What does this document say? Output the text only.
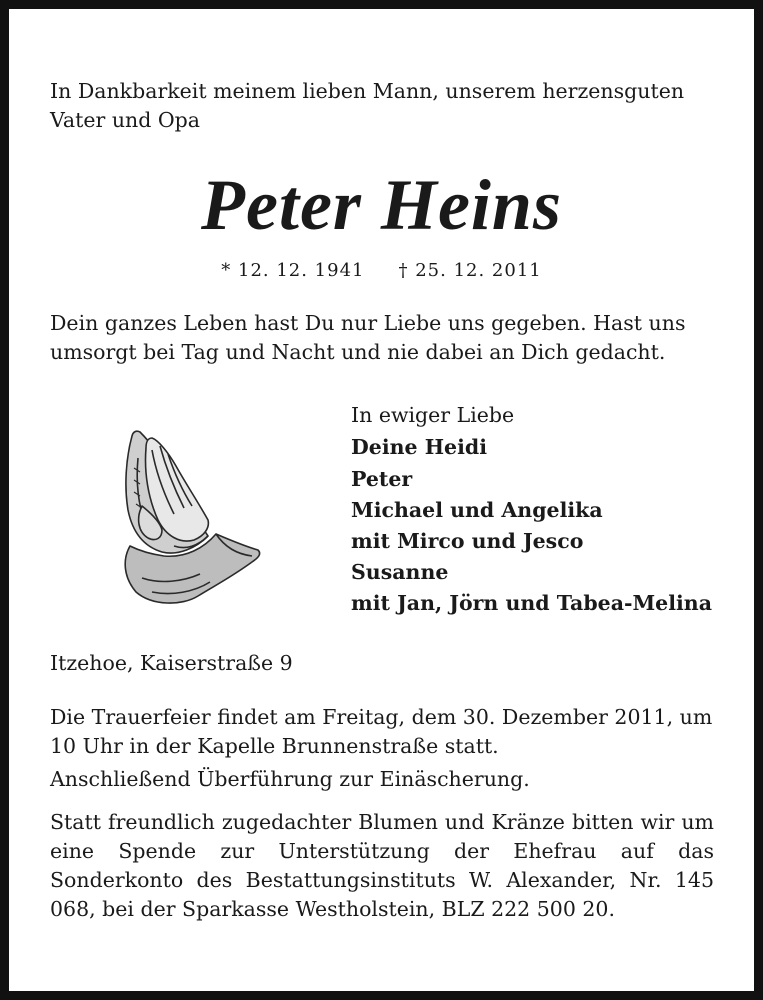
In Dankbarkeit meinem lieben Mann, unserem herzensguten Vater und Opa

Peter Heins
* 12. 12. 1941 † 25. 12. 2011

Dein ganzes Leben hast Du nur Liebe uns gegeben. Hast uns umsorgt bei Tag und Nacht und nie dabei an Dich gedacht.

In ewiger Liebe
Deine Heidi
Peter
Michael und Angelika
mit Mirco und Jesco
Susanne
mit Jan, Jörn und Tabea-Melina

Itzehoe, Kaiserstraße 9

Die Trauerfeier findet am Freitag, dem 30. Dezember 2011, um 10 Uhr in der Kapelle Brunnenstraße statt.

Anschließend Überführung zur Einäscherung.

Statt freundlich zugedachter Blumen und Kränze bitten wir um eine Spende zur Unterstützung der Ehefrau auf das Sonderkonto des Bestattungsinstituts W. Alexander, Nr. 145 068, bei der Sparkasse Westholstein, BLZ 222 500 20.
